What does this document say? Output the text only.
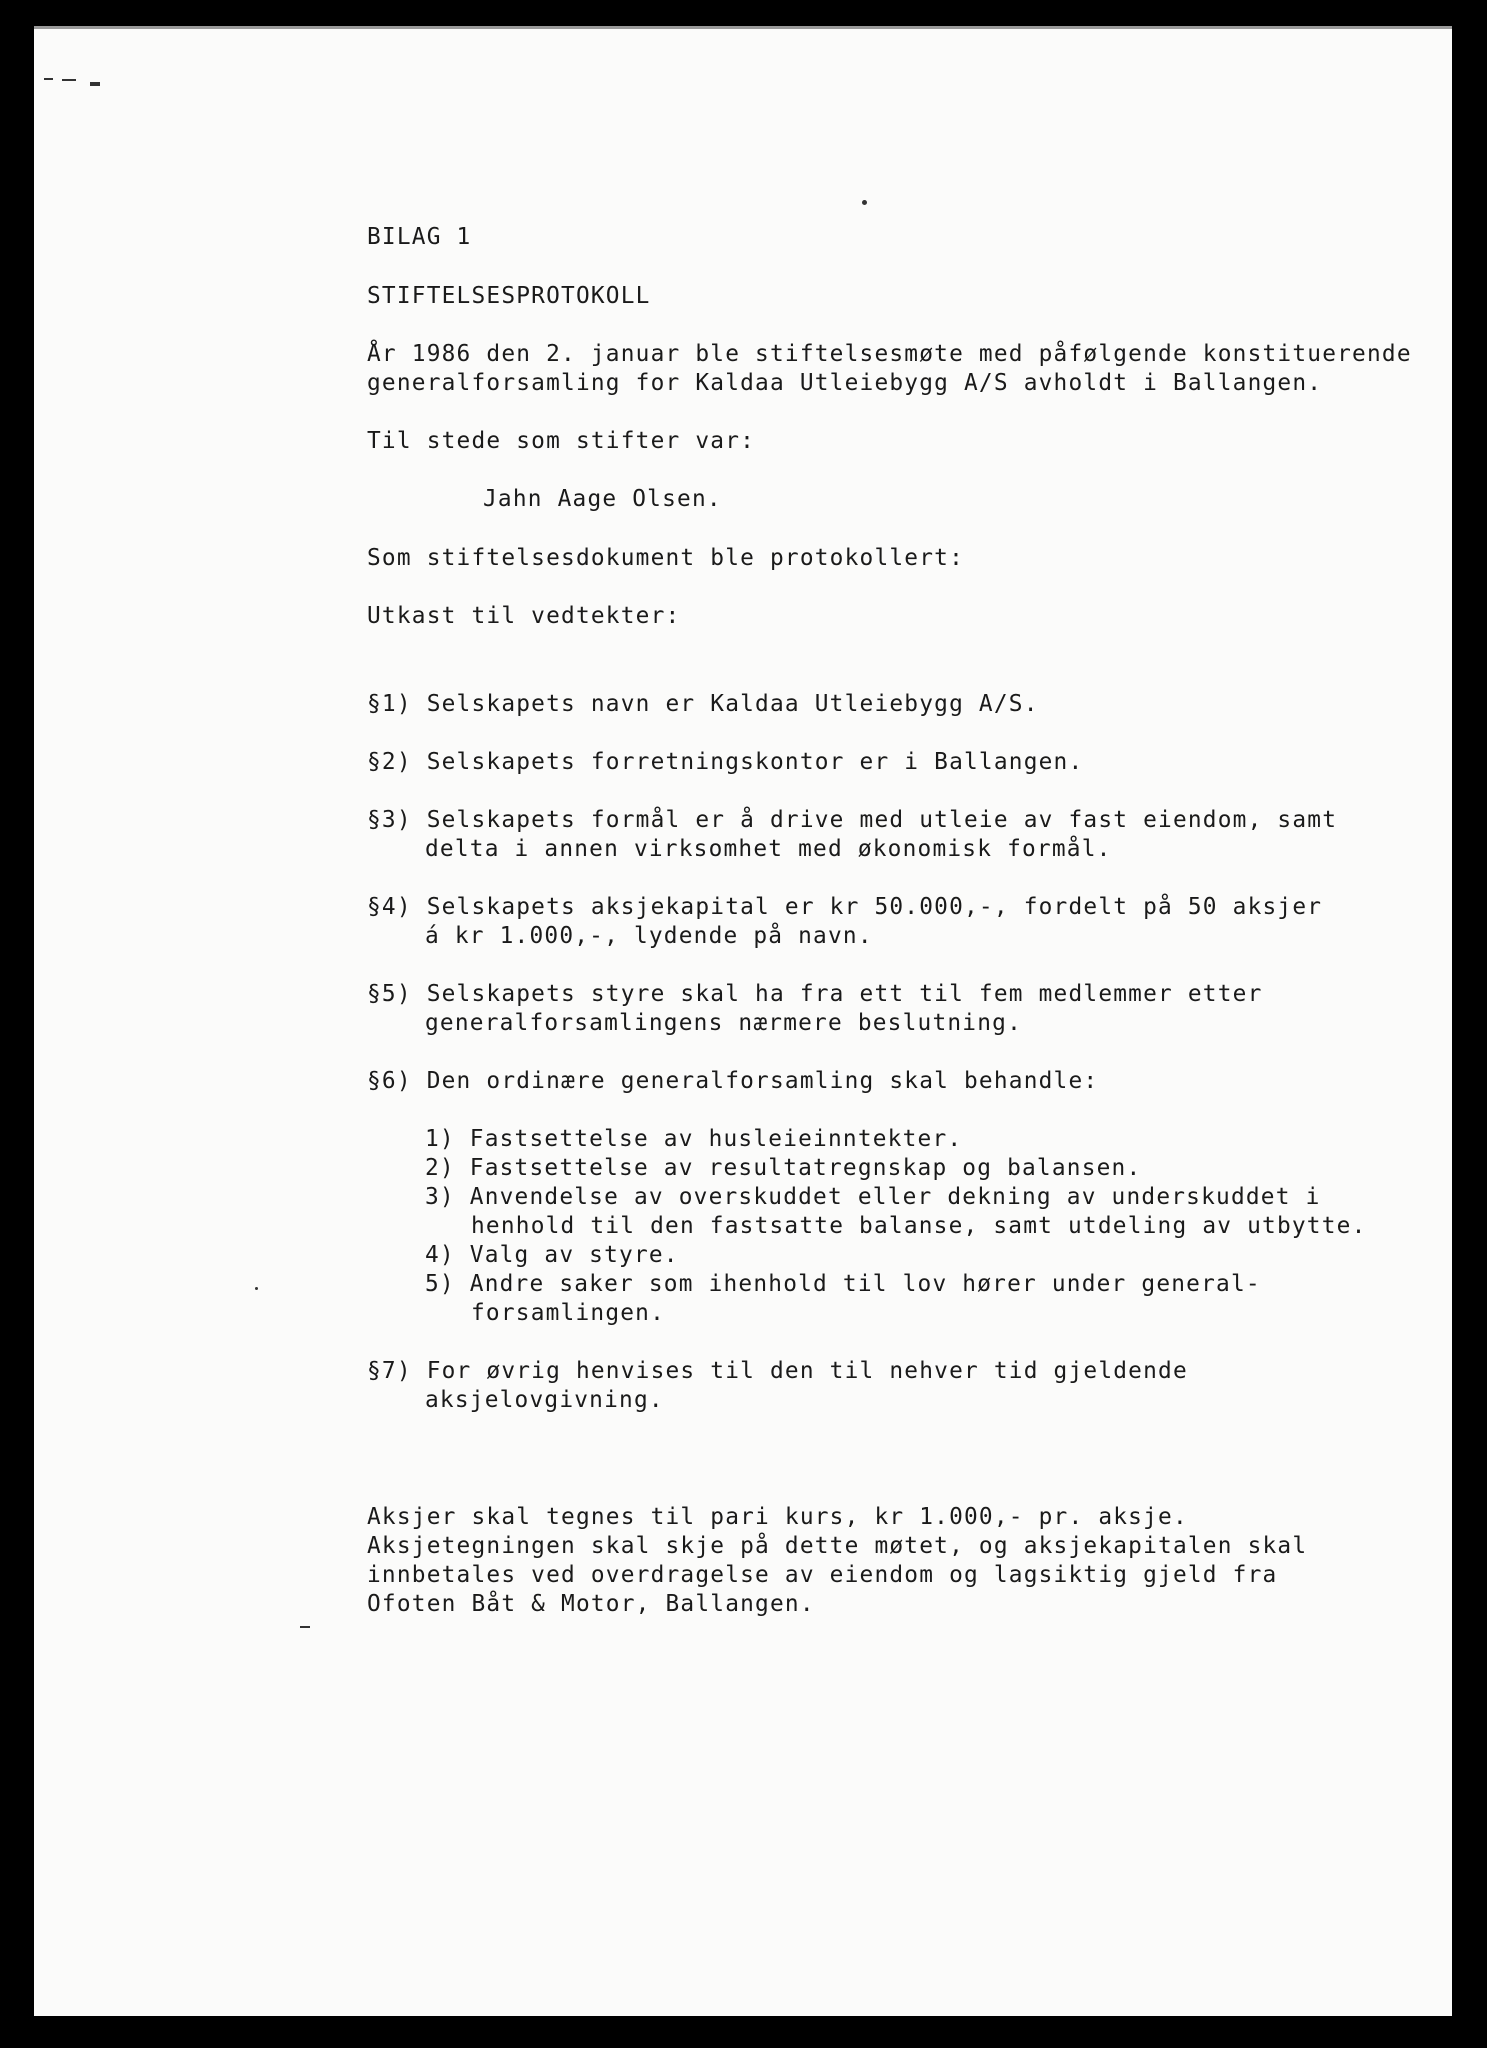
BILAG 1
STIFTELSESPROTOKOLL
År 1986 den 2. januar ble stiftelsesmøte med påfølgende konstituerende
generalforsamling for Kaldaa Utleiebygg A/S avholdt i Ballangen.
Til stede som stifter var:
Jahn Aage Olsen.
Som stiftelsesdokument ble protokollert:
Utkast til vedtekter:
§1) Selskapets navn er Kaldaa Utleiebygg A/S.
§2) Selskapets forretningskontor er i Ballangen.
§3) Selskapets formål er å drive med utleie av fast eiendom, samt
delta i annen virksomhet med økonomisk formål.
§4) Selskapets aksjekapital er kr 50.000,-, fordelt på 50 aksjer
á kr 1.000,-, lydende på navn.
§5) Selskapets styre skal ha fra ett til fem medlemmer etter
generalforsamlingens nærmere beslutning.
§6) Den ordinære generalforsamling skal behandle:
1) Fastsettelse av husleieinntekter.
2) Fastsettelse av resultatregnskap og balansen.
3) Anvendelse av overskuddet eller dekning av underskuddet i
henhold til den fastsatte balanse, samt utdeling av utbytte.
4) Valg av styre.
5) Andre saker som ihenhold til lov hører under general-
forsamlingen.
§7) For øvrig henvises til den til nehver tid gjeldende
aksjelovgivning.
Aksjer skal tegnes til pari kurs, kr 1.000,- pr. aksje.
Aksjetegningen skal skje på dette møtet, og aksjekapitalen skal
innbetales ved overdragelse av eiendom og lagsiktig gjeld fra
Ofoten Båt & Motor, Ballangen.
